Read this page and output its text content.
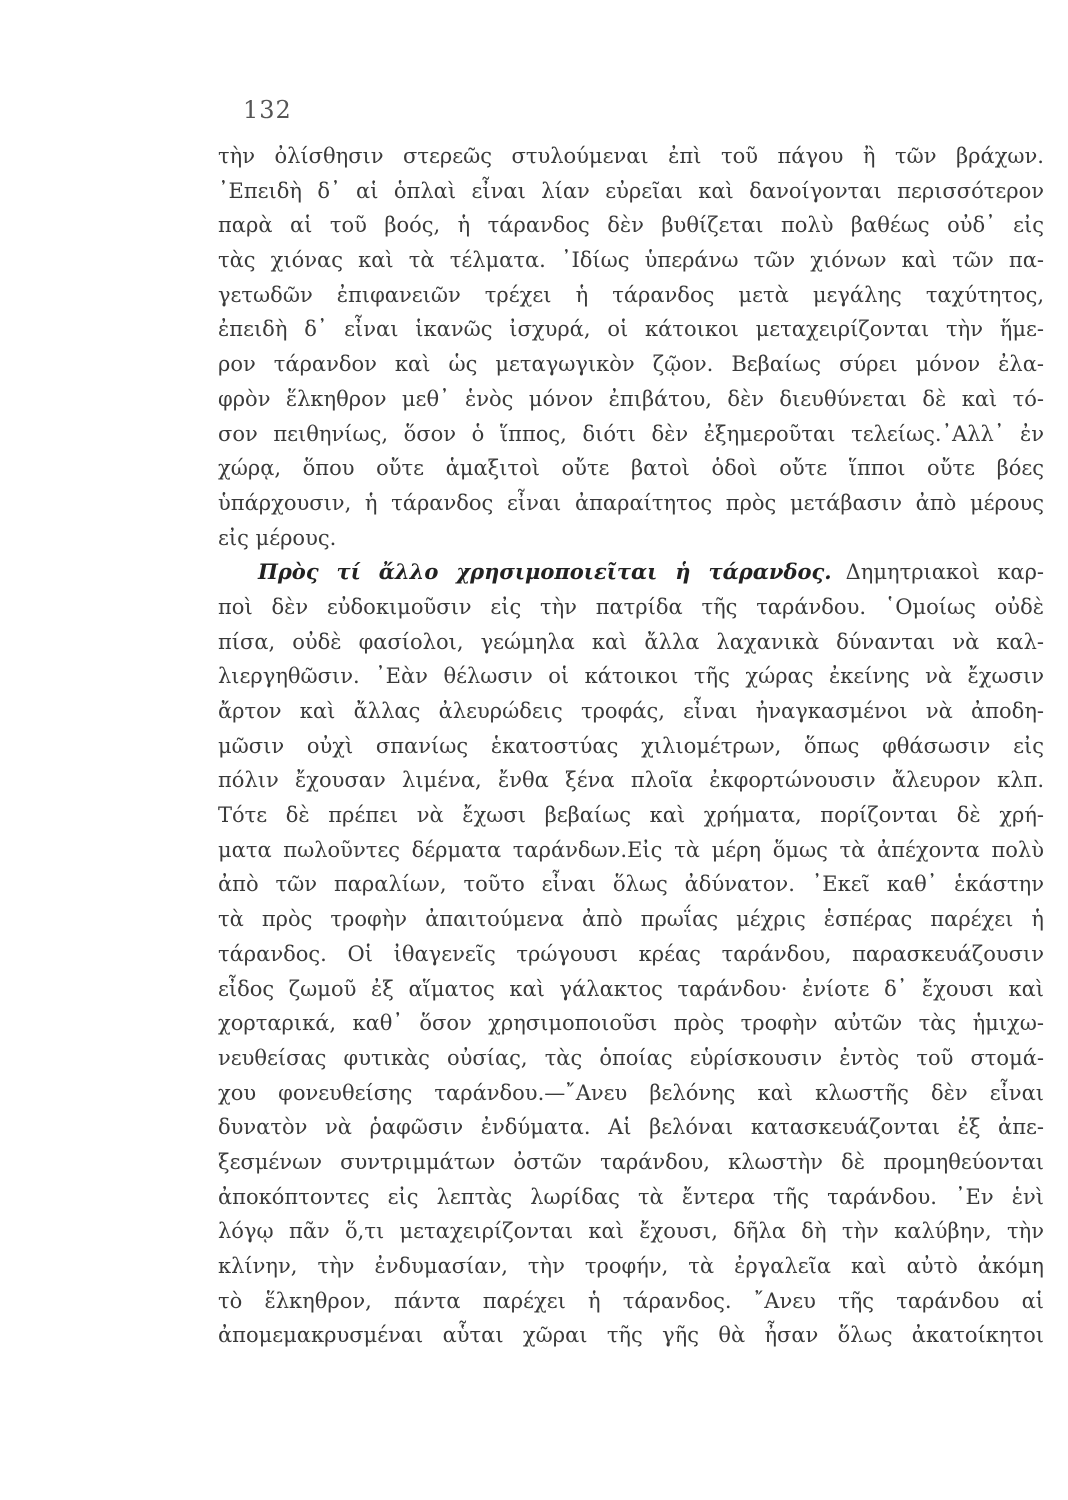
132
τὴν ὀλίσθησιν στερεῶς στυλούμεναι ἐπὶ τοῦ πάγου ἢ τῶν βράχων.
᾿Επειδὴ δ᾿ αἱ ὁπλαὶ εἶναι λίαν εὐρεῖαι καὶ δανοίγονται περισσότερον
παρὰ αἱ τοῦ βοός, ἡ τάρανδος δὲν βυθίζεται πολὺ βαθέως οὐδ᾿ εἰς
τὰς χιόνας καὶ τὰ τέλματα. ᾿Ιδίως ὑπεράνω τῶν χιόνων καὶ τῶν πα-
γετωδῶν ἐπιφανειῶν τρέχει ἡ τάρανδος μετὰ μεγάλης ταχύτητος,
ἐπειδὴ δ᾿ εἶναι ἱκανῶς ἰσχυρά, οἱ κάτοικοι μεταχειρίζονται τὴν ἥμε-
ρον τάρανδον καὶ ὡς μεταγωγικὸν ζῷον. Βεβαίως σύρει μόνον ἐλα-
φρὸν ἕλκηθρον μεθ᾿ ἑνὸς μόνον ἐπιβάτου, δὲν διευθύνεται δὲ καὶ τό-
σον πειθηνίως, ὅσον ὁ ἵππος, διότι δὲν ἐξημεροῦται τελείως.᾿Αλλ᾿ ἐν
χώρᾳ, ὅπου οὔτε ἁμαξιτοὶ οὔτε βατοὶ ὁδοὶ οὔτε ἵπποι οὔτε βόες
ὑπάρχουσιν, ἡ τάρανδος εἶναι ἀπαραίτητος πρὸς μετάβασιν ἀπὸ μέρους
εἰς μέρους.
Πρὸς τί ἄλλο χρησιμοποιεῖται ἡ τάρανδος. Δημητριακοὶ καρ-
ποὶ δὲν εὐδοκιμοῦσιν εἰς τὴν πατρίδα τῆς ταράνδου. ῾Ομοίως οὐδὲ
πίσα, οὐδὲ φασίολοι, γεώμηλα καὶ ἄλλα λαχανικὰ δύνανται νὰ καλ-
λιεργηθῶσιν. ᾿Εὰν θέλωσιν οἱ κάτοικοι τῆς χώρας ἐκείνης νὰ ἔχωσιν
ἄρτον καὶ ἄλλας ἀλευρώδεις τροφάς, εἶναι ἠναγκασμένοι νὰ ἀποδη-
μῶσιν οὐχὶ σπανίως ἑκατοστύας χιλιομέτρων, ὅπως φθάσωσιν εἰς
πόλιν ἔχουσαν λιμένα, ἔνθα ξένα πλοῖα ἐκφορτώνουσιν ἄλευρον κλπ.
Τότε δὲ πρέπει νὰ ἔχωσι βεβαίως καὶ χρήματα, πορίζονται δὲ χρή-
ματα πωλοῦντες δέρματα ταράνδων.Εἰς τὰ μέρη ὅμως τὰ ἀπέχοντα πολὺ
ἀπὸ τῶν παραλίων, τοῦτο εἶναι ὅλως ἀδύνατον. ᾿Εκεῖ καθ᾿ ἑκάστην
τὰ πρὸς τροφὴν ἀπαιτούμενα ἀπὸ πρωΐας μέχρις ἑσπέρας παρέχει ἡ
τάρανδος. Οἱ ἰθαγενεῖς τρώγουσι κρέας ταράνδου, παρασκευάζουσιν
εἶδος ζωμοῦ ἐξ αἵματος καὶ γάλακτος ταράνδου· ἐνίοτε δ᾿ ἔχουσι καὶ
χορταρικά, καθ᾿ ὅσον χρησιμοποιοῦσι πρὸς τροφὴν αὐτῶν τὰς ἡμιχω-
νευθείσας φυτικὰς οὐσίας, τὰς ὁποίας εὑρίσκουσιν ἐντὸς τοῦ στομά-
χου φονευθείσης ταράνδου.—῎Ανευ βελόνης καὶ κλωστῆς δὲν εἶναι
δυνατὸν νὰ ῥαφῶσιν ἐνδύματα. Αἱ βελόναι κατασκευάζονται ἐξ ἀπε-
ξεσμένων συντριμμάτων ὀστῶν ταράνδου, κλωστὴν δὲ προμηθεύονται
ἀποκόπτοντες εἰς λεπτὰς λωρίδας τὰ ἔντερα τῆς ταράνδου. ᾿Εν ἑνὶ
λόγῳ πᾶν ὅ,τι μεταχειρίζονται καὶ ἔχουσι, δῆλα δὴ τὴν καλύβην, τὴν
κλίνην, τὴν ἐνδυμασίαν, τὴν τροφήν, τὰ ἐργαλεῖα καὶ αὐτὸ ἀκόμη
τὸ ἕλκηθρον, πάντα παρέχει ἡ τάρανδος. ῎Ανευ τῆς ταράνδου αἱ
ἀπομεμακρυσμέναι αὗται χῶραι τῆς γῆς θὰ ἦσαν ὅλως ἀκατοίκητοι
